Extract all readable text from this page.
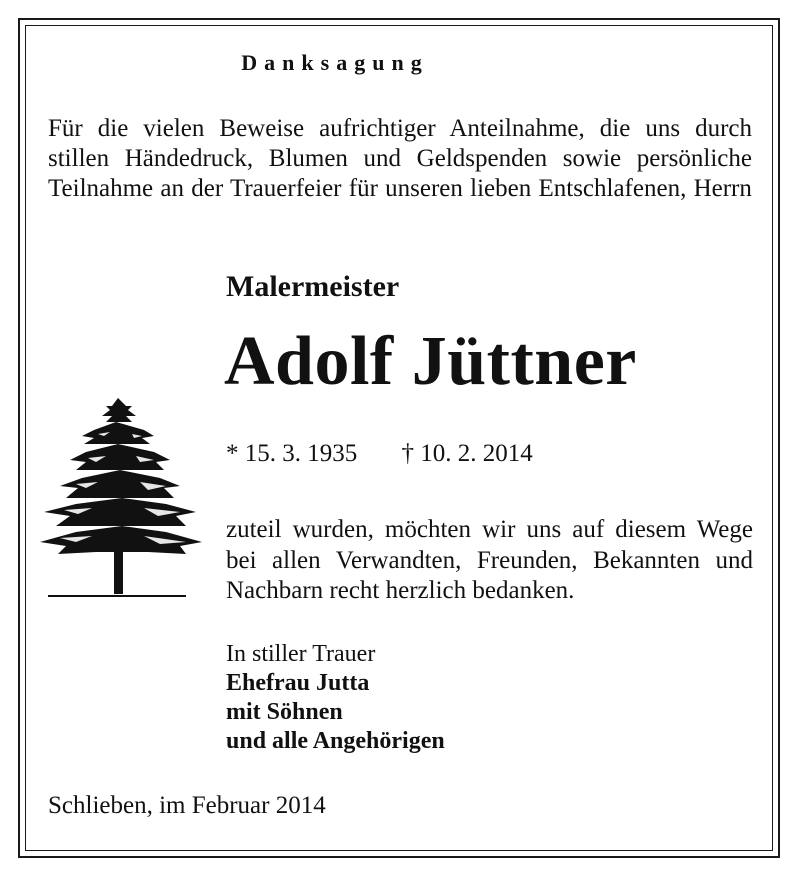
Danksagung

Für die vielen Beweise aufrichtiger Anteilnahme, die uns durch stillen Händedruck, Blumen und Geldspenden sowie persönliche Teilnahme an der Trauerfeier für unseren lieben Entschlafenen, Herrn

Malermeister
Adolf Jüttner
* 15. 3. 1935 † 10. 2. 2014

zuteil wurden, möchten wir uns auf diesem Wege bei allen Verwandten, Freunden, Bekannten und Nachbarn recht herzlich bedanken.

In stiller Trauer
Ehefrau Jutta
mit Söhnen
und alle Angehörigen
Schlieben, im Februar 2014
